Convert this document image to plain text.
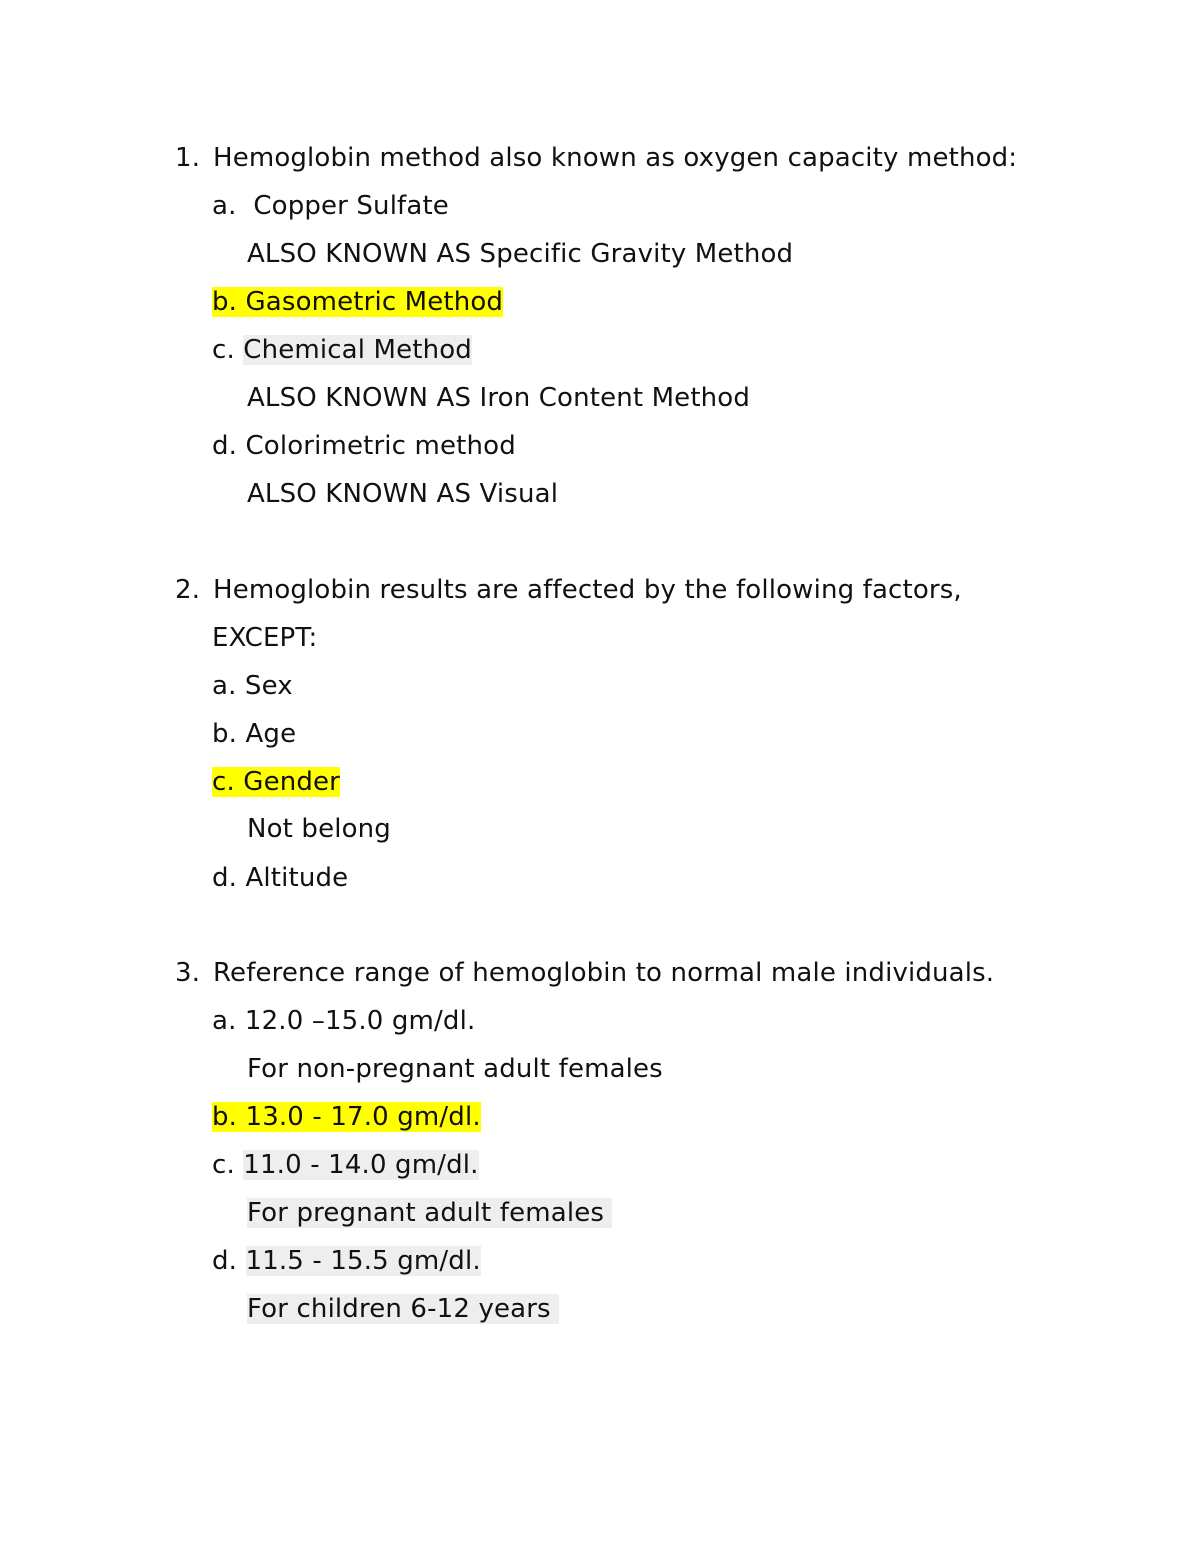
1. Hemoglobin method also known as oxygen capacity method:
a.  Copper Sulfate
ALSO KNOWN AS Specific Gravity Method
b. Gasometric Method
c. Chemical Method
ALSO KNOWN AS Iron Content Method
d. Colorimetric method
ALSO KNOWN AS Visual
2. Hemoglobin results are affected by the following factors,
EXCEPT:
a. Sex
b. Age
c. Gender
Not belong
d. Altitude
3. Reference range of hemoglobin to normal male individuals.
a. 12.0 –15.0 gm/dl.
For non-pregnant adult females
b. 13.0 - 17.0 gm/dl.
c. 11.0 - 14.0 gm/dl.
For pregnant adult females
d. 11.5 - 15.5 gm/dl.
For children 6-12 years
